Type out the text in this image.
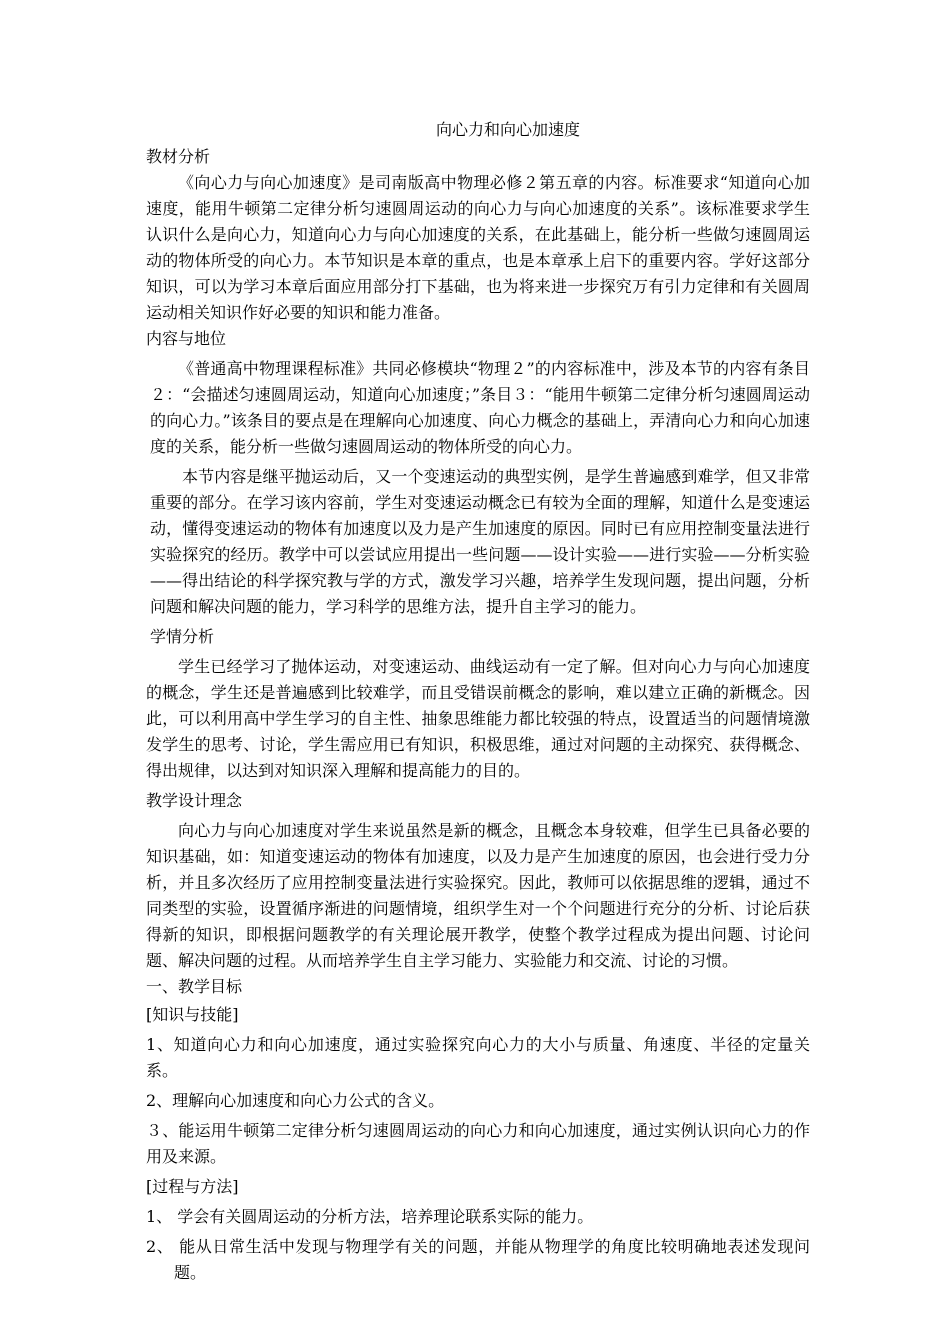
向心力和向心加速度
教材分析

《向心力与向心加速度》是司南版高中物理必修２第五章的内容。标准要求“知道向心加速度，能用牛顿第二定律分析匀速圆周运动的向心力与向心加速度的关系”。该标准要求学生认识什么是向心力，知道向心力与向心加速度的关系，在此基础上，能分析一些做匀速圆周运动的物体所受的向心力。本节知识是本章的重点，也是本章承上启下的重要内容。学好这部分知识，可以为学习本章后面应用部分打下基础，也为将来进一步探究万有引力定律和有关圆周运动相关知识作好必要的知识和能力准备。

内容与地位

《普通高中物理课程标准》共同必修模块“物理２”的内容标准中，涉及本节的内容有条目２：“会描述匀速圆周运动，知道向心加速度；”条目３：“能用牛顿第二定律分析匀速圆周运动的向心力。”该条目的要点是在理解向心加速度、向心力概念的基础上，弄清向心力和向心加速度的关系，能分析一些做匀速圆周运动的物体所受的向心力。

本节内容是继平抛运动后，又一个变速运动的典型实例，是学生普遍感到难学，但又非常重要的部分。在学习该内容前，学生对变速运动概念已有较为全面的理解，知道什么是变速运动，懂得变速运动的物体有加速度以及力是产生加速度的原因。同时已有应用控制变量法进行实验探究的经历。教学中可以尝试应用提出一些问题——设计实验——进行实验——分析实验——得出结论的科学探究教与学的方式，激发学习兴趣，培养学生发现问题，提出问题，分析问题和解决问题的能力，学习科学的思维方法，提升自主学习的能力。

学情分析

学生已经学习了抛体运动，对变速运动、曲线运动有一定了解。但对向心力与向心加速度的概念，学生还是普遍感到比较难学，而且受错误前概念的影响，难以建立正确的新概念。因此，可以利用高中学生学习的自主性、抽象思维能力都比较强的特点，设置适当的问题情境激发学生的思考、讨论，学生需应用已有知识，积极思维，通过对问题的主动探究、获得概念、得出规律，以达到对知识深入理解和提高能力的目的。

教学设计理念

向心力与向心加速度对学生来说虽然是新的概念，且概念本身较难，但学生已具备必要的知识基础，如：知道变速运动的物体有加速度，以及力是产生加速度的原因，也会进行受力分析，并且多次经历了应用控制变量法进行实验探究。因此，教师可以依据思维的逻辑，通过不同类型的实验，设置循序渐进的问题情境，组织学生对一个个问题进行充分的分析、讨论后获得新的知识，即根据问题教学的有关理论展开教学，使整个教学过程成为提出问题、讨论问题、解决问题的过程。从而培养学生自主学习能力、实验能力和交流、讨论的习惯。

一、教学目标
[知识与技能]

1、知道向心力和向心加速度，通过实验探究向心力的大小与质量、角速度、半径的定量关系。

2、理解向心加速度和向心力公式的含义。

３、能运用牛顿第二定律分析匀速圆周运动的向心力和向心加速度，通过实例认识向心力的作用及来源。

[过程与方法]

1、 学会有关圆周运动的分析方法，培养理论联系实际的能力。

2、 能从日常生活中发现与物理学有关的问题，并能从物理学的角度比较明确地表述发现问题。
